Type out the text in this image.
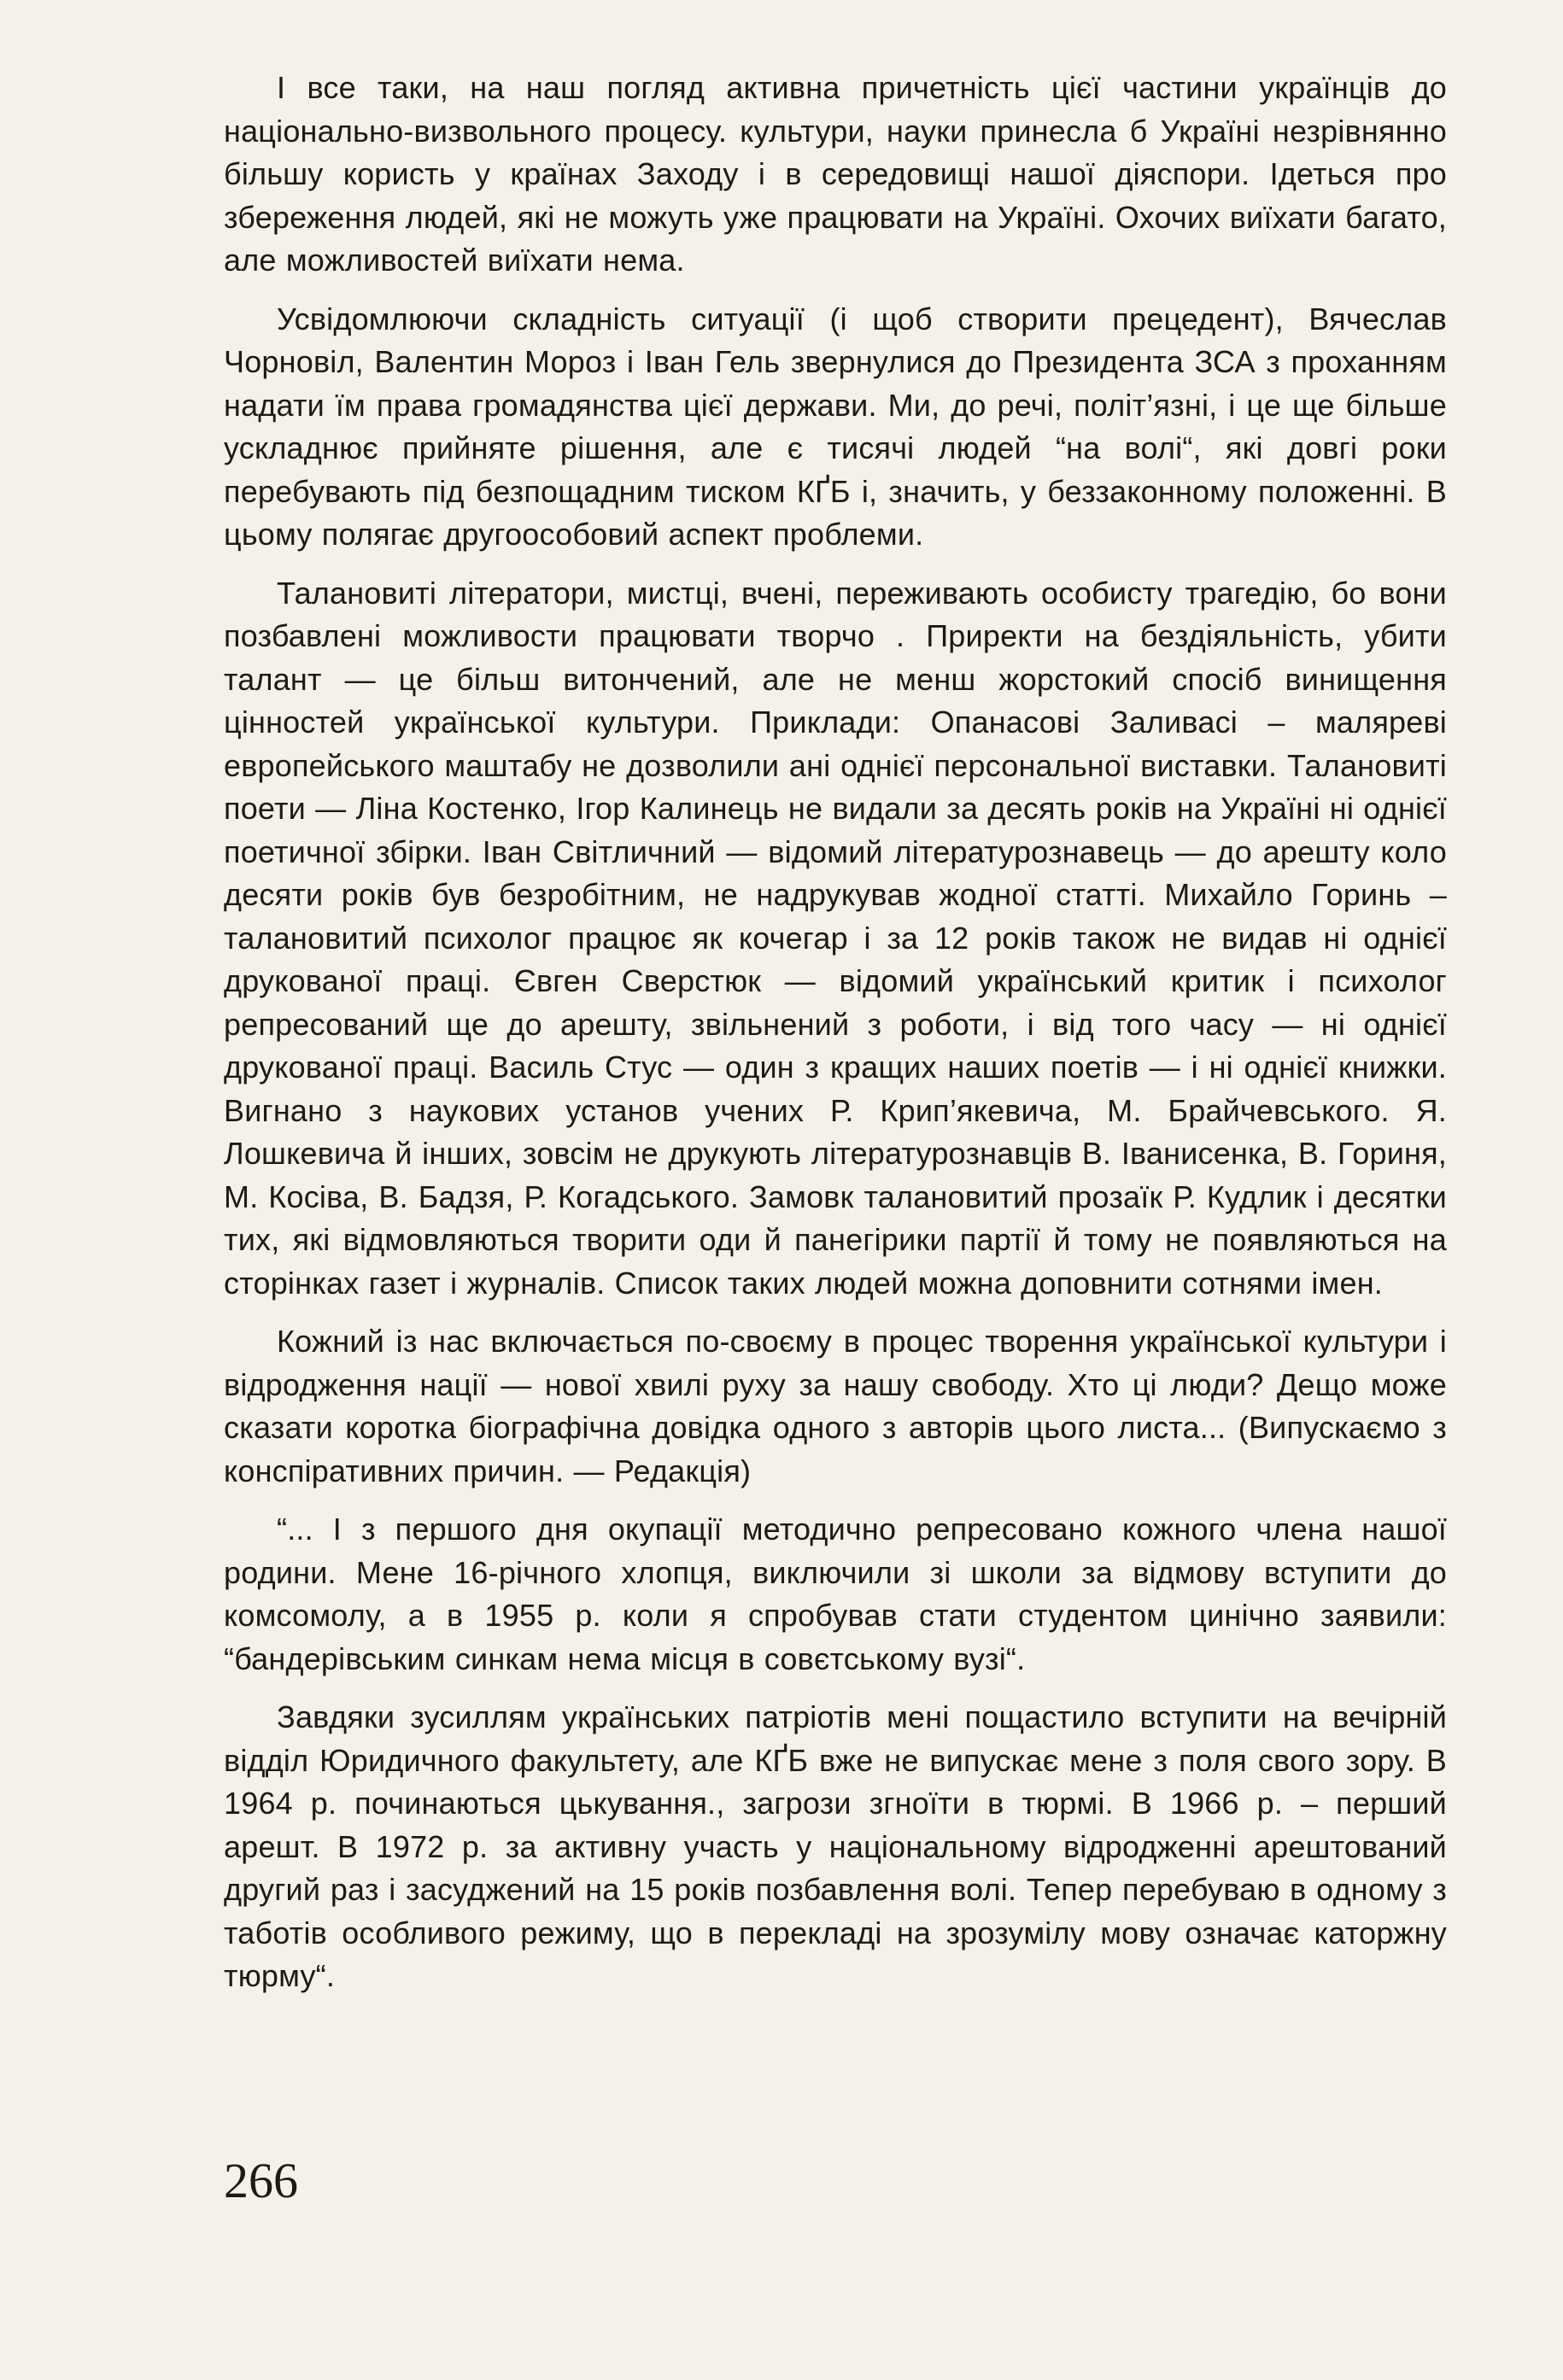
І все таки, на наш погляд активна причетність цієї частини українців до національно-визвольного процесу. культури, науки принесла б Україні незрівнянно більшу користь у країнах Заходу і в середовищі нашої діяспори. Ідеться про збереження людей, які не можуть уже працювати на Україні. Охочих виїхати багато, але можливостей виїхати нема.

Усвідомлюючи складність ситуації (і щоб створити прецедент), Вячеслав Чорновіл, Валентин Мороз і Іван Гель звернулися до Президента ЗСА з проханням надати їм права громадянства цієї держави. Ми, до речі, політ’язні, і це ще більше ускладнює прийняте рішення, але є тисячі людей “на волі“, які довгі роки перебувають під безпощадним тиском КҐБ і, значить, у беззаконному положенні. В цьому полягає другоособовий аспект проблеми.

Талановиті літератори, мистці, вчені, переживають особисту трагедію, бо вони позбавлені можливости працювати творчо . Приректи на бездіяльність, убити талант — це більш витончений, але не менш жорстокий спосіб винищення цінностей української культури. Приклади: Опанасові Заливасі – маляреві европейського маштабу не дозволили ані однієї персональної виставки. Талановиті поети — Ліна Костенко, Ігор Калинець не видали за десять років на Україні ні однієї поетичної збірки. Іван Світличний — відомий літературознавець — до арешту коло десяти років був безробітним, не надрукував жодної статті. Михайло Горинь – талановитий психолог працює як кочегар і за 12 років також не видав ні однієї друкованої праці. Євген Сверстюк — відомий український критик і психолог репресований ще до арешту, звільнений з роботи, і від того часу — ні однієї друкованої праці. Василь Стус — один з кращих наших поетів — і ні однієї книжки. Вигнано з наукових установ учених Р. Крип’якевича, М. Брайчевського. Я. Лошкевича й інших, зовсім не друкують літературознавців В. Іванисенка, В. Гориня, М. Косіва, В. Бадзя, Р. Когадського. Замовк талановитий прозаїк Р. Кудлик і десятки тих, які відмовляються творити оди й панегірики партії й тому не появляються на сторінках газет і журналів. Список таких людей можна доповнити сотнями імен.

Кожний із нас включається по-своєму в процес творення української культури і відродження нації — нової хвилі руху за нашу свободу. Хто ці люди? Дещо може сказати коротка біографічна довідка одного з авторів цього листа... (Випускаємо з конспіративних причин. — Редакція)

“... І з першого дня окупації методично репресовано кожного члена нашої родини. Мене 16-річного хлопця, виключили зі школи за відмову вступити до комсомолу, а в 1955 р. коли я спробував стати студентом цинічно заявили: “бандерівським синкам нема місця в совєтському вузі“.

Завдяки зусиллям українських патріотів мені пощастило вступити на вечірній відділ Юридичного факультету, але КҐБ вже не випускає мене з поля свого зору. В 1964 р. починаються цькування., загрози згноїти в тюрмі. В 1966 р. – перший арешт. В 1972 р. за активну участь у національному відродженні арештований другий раз і засуджений на 15 років позбавлення волі. Тепер перебуваю в одному з таботів особливого режиму, що в перекладі на зрозумілу мову означає каторжну тюрму“.

266
